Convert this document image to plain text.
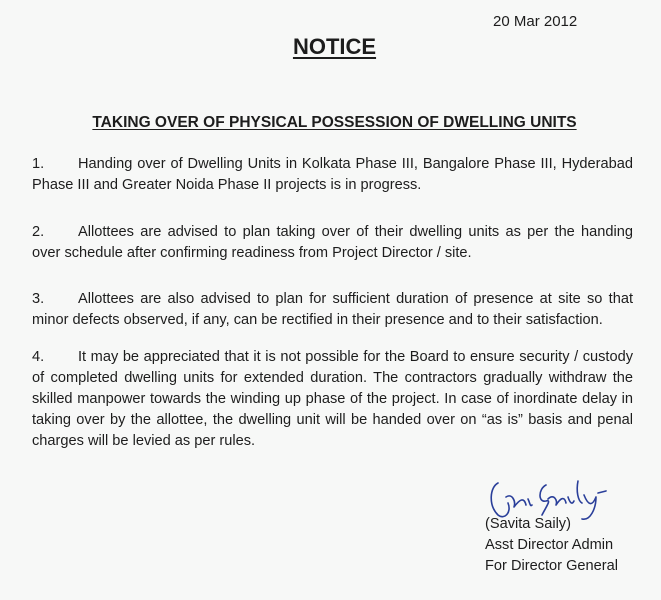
20 Mar 2012
NOTICE
TAKING OVER OF PHYSICAL POSSESSION OF DWELLING UNITS
1. Handing over of Dwelling Units in Kolkata Phase III, Bangalore Phase III, Hyderabad Phase III and Greater Noida Phase II projects is in progress.
2. Allottees are advised to plan taking over of their dwelling units as per the handing over schedule after confirming readiness from Project Director / site.
3. Allottees are also advised to plan for sufficient duration of presence at site so that minor defects observed, if any, can be rectified in their presence and to their satisfaction.
4. It may be appreciated that it is not possible for the Board to ensure security / custody of completed dwelling units for extended duration. The contractors gradually withdraw the skilled manpower towards the winding up phase of the project. In case of inordinate delay in taking over by the allottee, the dwelling unit will be handed over on “as is” basis and penal charges will be levied as per rules.
(Savita Saily)
Asst Director Admin
For Director General
